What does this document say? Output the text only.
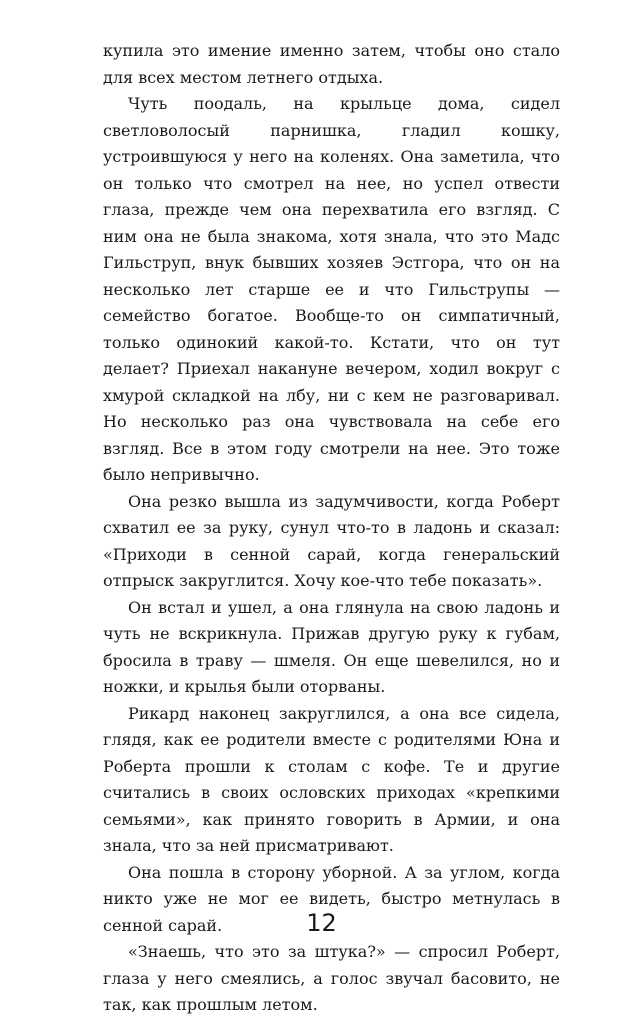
купила это имение именно затем, чтобы оно стало для всех местом летнего отдыха.

Чуть поодаль, на крыльце дома, сидел светловолосый парнишка, гладил кошку, устроившуюся у него на коленях. Она заметила, что он только что смотрел на нее, но успел отвести глаза, прежде чем она перехватила его взгляд. С ним она не была знакома, хотя знала, что это Мадс Гильструп, внук бывших хозяев Эстгора, что он на несколько лет старше ее и что Гильструпы — семейство богатое. Вообще-то он симпатичный, только одинокий какой-то. Кстати, что он тут делает? Приехал накануне вечером, ходил вокруг с хмурой складкой на лбу, ни с кем не разговаривал. Но несколько раз она чувствовала на себе его взгляд. Все в этом году смотрели на нее. Это тоже было непривычно.

Она резко вышла из задумчивости, когда Роберт схватил ее за руку, сунул что-то в ладонь и сказал: «Приходи в сенной сарай, когда генеральский отпрыск закруглится. Хочу кое-что тебе показать».

Он встал и ушел, а она глянула на свою ладонь и чуть не вскрикнула. Прижав другую руку к губам, бросила в траву — шмеля. Он еще шевелился, но и ножки, и крылья были оторваны.

Рикард наконец закруглился, а она все сидела, глядя, как ее родители вместе с родителями Юна и Роберта прошли к столам с кофе. Те и другие считались в своих ословских приходах «крепкими семьями», как принято говорить в Армии, и она знала, что за ней присматривают.

Она пошла в сторону уборной. А за углом, когда никто уже не мог ее видеть, быстро метнулась в сенной сарай.

«Знаешь, что это за штука?» — спросил Роберт, глаза у него смеялись, а голос звучал басовито, не так, как прошлым летом.

12
